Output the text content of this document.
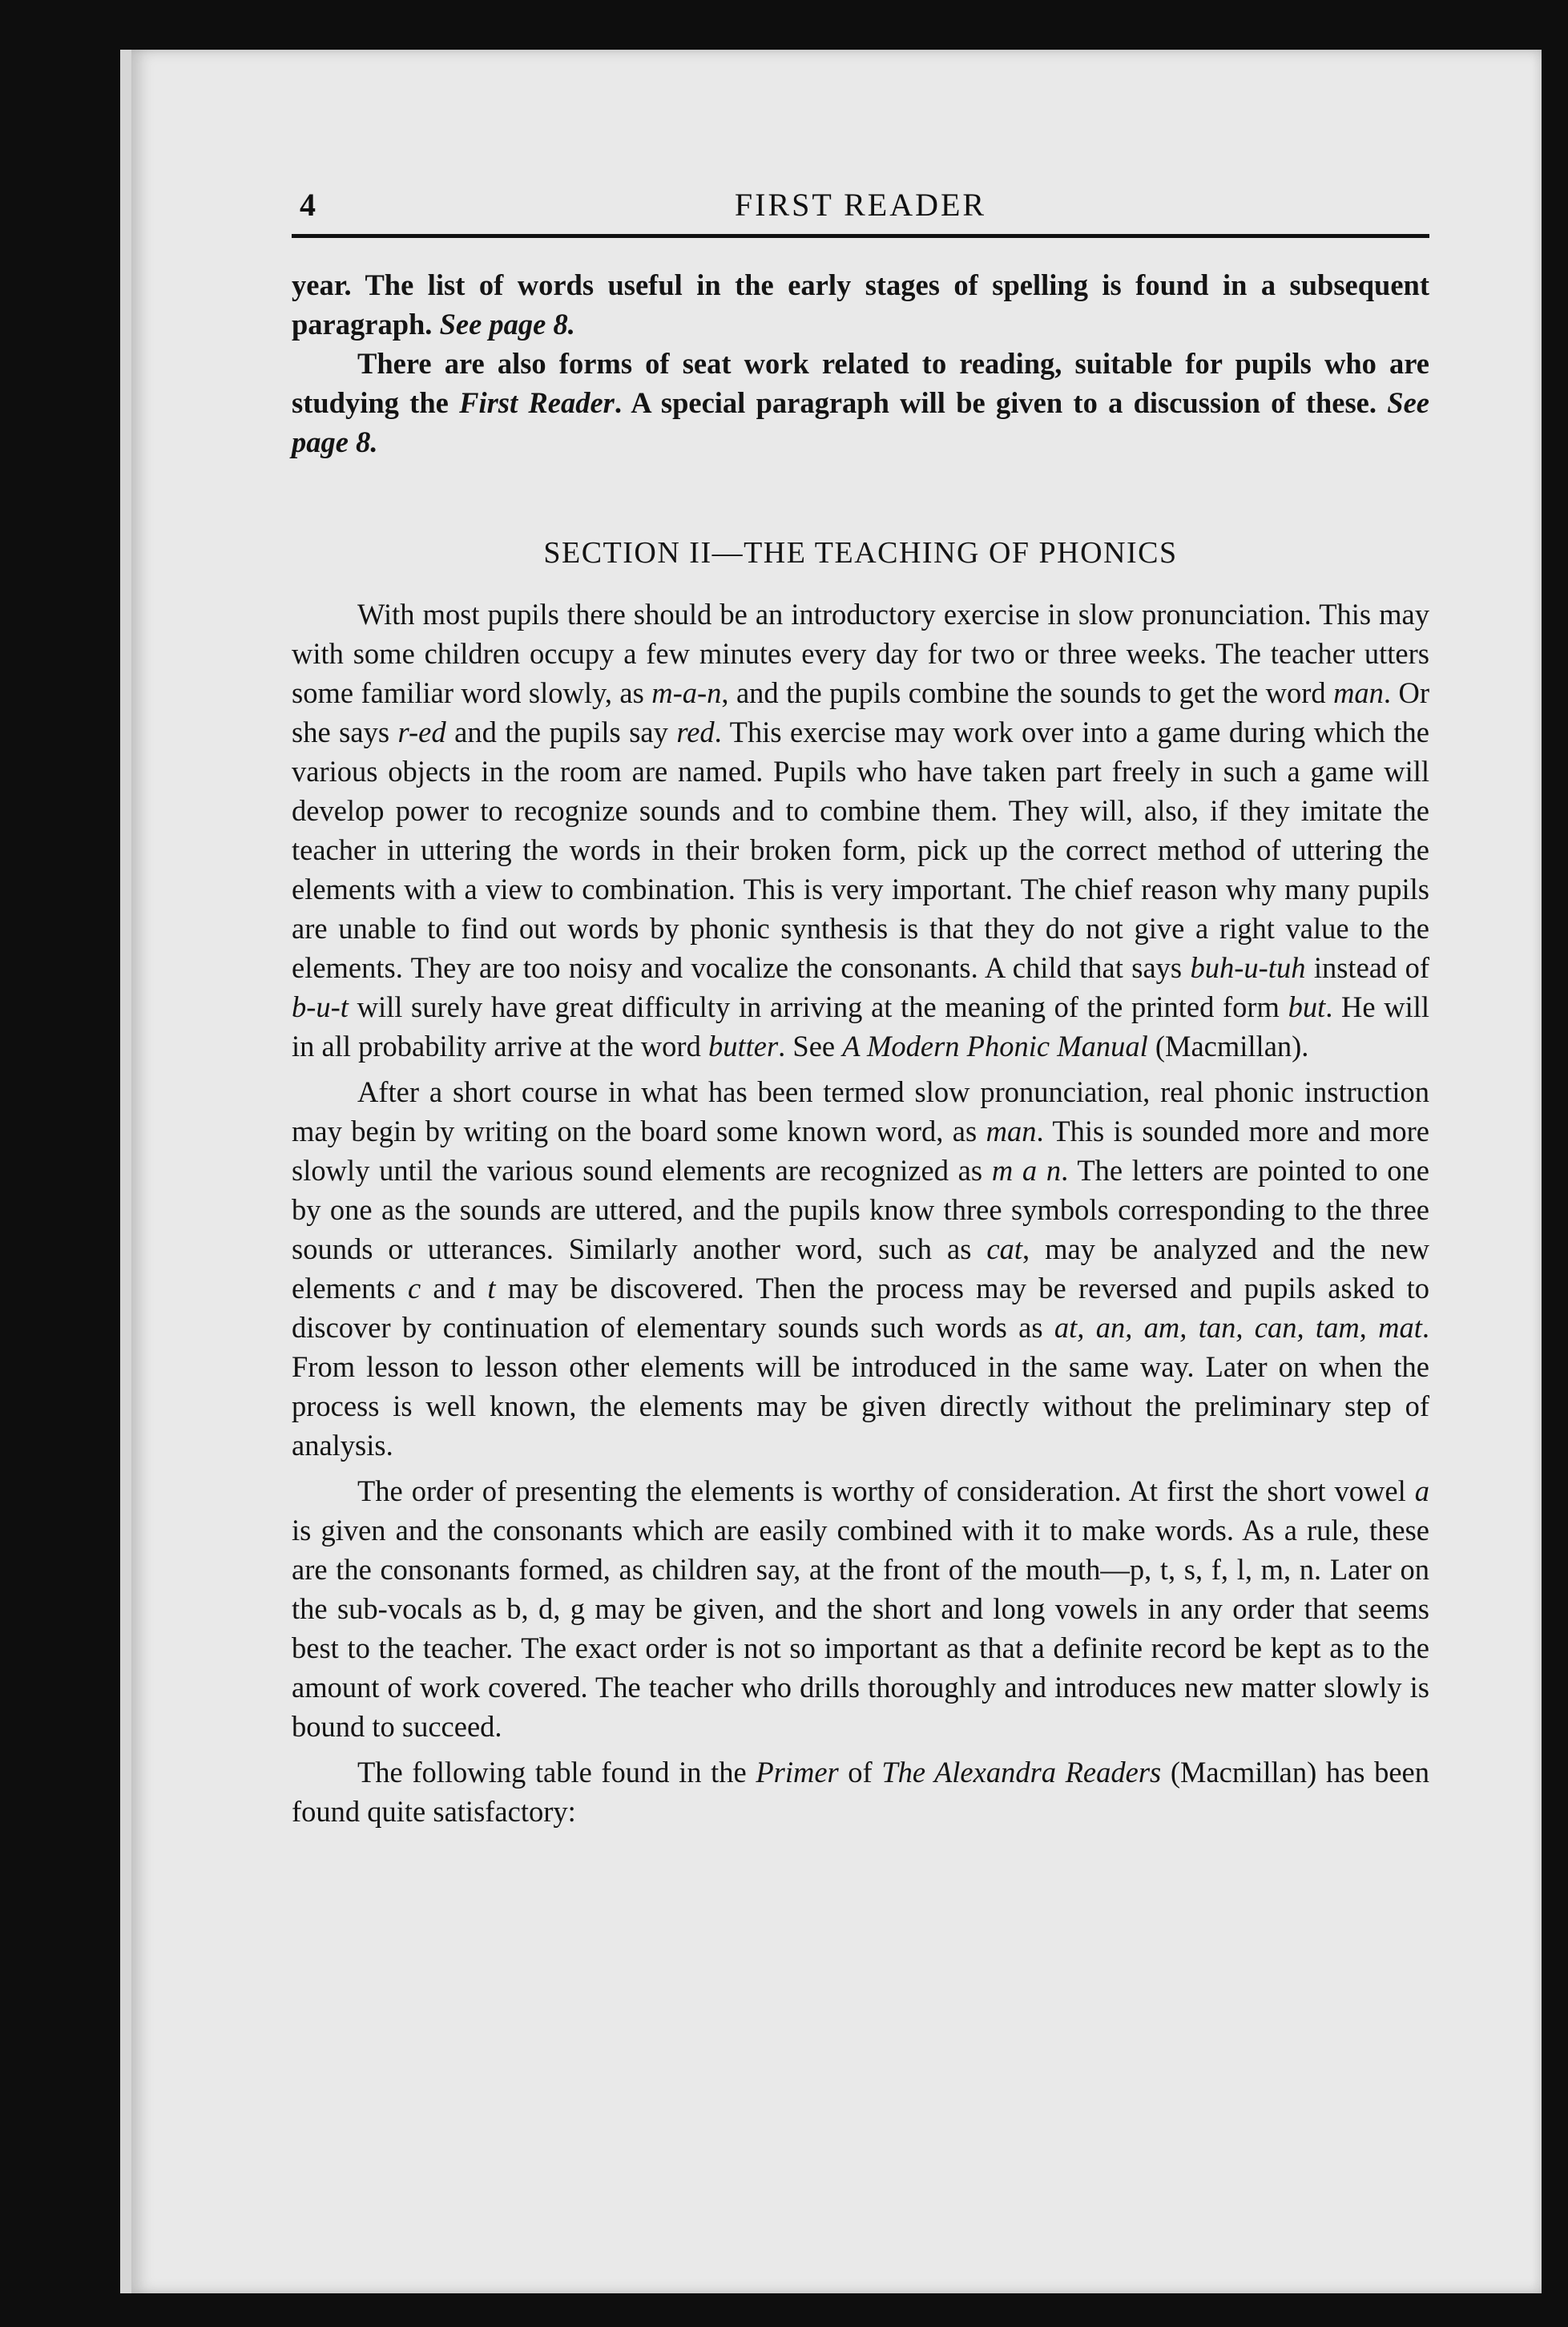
4	FIRST READER

year. The list of words useful in the early stages of spelling is found in a subsequent paragraph. See page 8.

There are also forms of seat work related to reading, suitable for pupils who are studying the First Reader. A special paragraph will be given to a discussion of these. See page 8.

SECTION II—THE TEACHING OF PHONICS

With most pupils there should be an introductory exercise in slow pronunciation. This may with some children occupy a few minutes every day for two or three weeks. The teacher utters some familiar word slowly, as m-a-n, and the pupils combine the sounds to get the word man. Or she says r-ed and the pupils say red. This exercise may work over into a game during which the various objects in the room are named. Pupils who have taken part freely in such a game will develop power to recognize sounds and to combine them. They will, also, if they imitate the teacher in uttering the words in their broken form, pick up the correct method of uttering the elements with a view to combination. This is very important. The chief reason why many pupils are unable to find out words by phonic synthesis is that they do not give a right value to the elements. They are too noisy and vocalize the consonants. A child that says buh-u-tuh instead of b-u-t will surely have great difficulty in arriving at the meaning of the printed form but. He will in all probability arrive at the word butter. See A Modern Phonic Manual (Macmillan).

After a short course in what has been termed slow pronunciation, real phonic instruction may begin by writing on the board some known word, as man. This is sounded more and more slowly until the various sound elements are recognized as m a n. The letters are pointed to one by one as the sounds are uttered, and the pupils know three symbols corresponding to the three sounds or utterances. Similarly another word, such as cat, may be analyzed and the new elements c and t may be discovered. Then the process may be reversed and pupils asked to discover by continuation of elementary sounds such words as at, an, am, tan, can, tam, mat. From lesson to lesson other elements will be introduced in the same way. Later on when the process is well known, the elements may be given directly without the preliminary step of analysis.

The order of presenting the elements is worthy of consideration. At first the short vowel a is given and the consonants which are easily combined with it to make words. As a rule, these are the consonants formed, as children say, at the front of the mouth—p, t, s, f, l, m, n. Later on the sub-vocals as b, d, g may be given, and the short and long vowels in any order that seems best to the teacher. The exact order is not so important as that a definite record be kept as to the amount of work covered. The teacher who drills thoroughly and introduces new matter slowly is bound to succeed.

The following table found in the Primer of The Alexandra Readers (Macmillan) has been found quite satisfactory:
